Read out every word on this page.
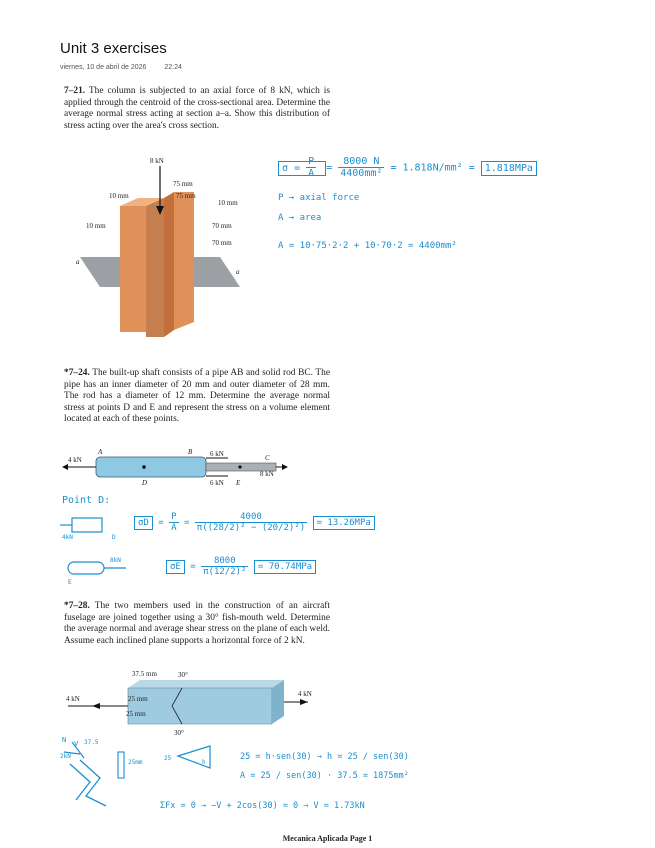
Unit 3 exercises
viernes, 10 de abril de 2026	22:24
7–21. The column is subjected to an axial force of 8 kN, which is applied through the centroid of the cross-sectional area. Determine the average normal stress acting at section a–a. Show this distribution of stress acting over the area's cross section.
8 kN
75 mm
75 mm
10 mm
10 mm
10 mm	70 mm
70 mm
a
a
$\sigma = \frac{P}{A} = \frac{8000 N}{\text{4400mm²}} = 1.818N/mm^2 = 1.818MPa$
P → axial force
A → area
A = 10·75·2·2 + 10·70·2 = 4400mm²
*7–24. The built-up shaft consists of a pipe AB and solid rod BC. The pipe has an inner diameter of 20 mm and outer diameter of 28 mm. The rod has a diameter of 12 mm. Determine the average normal stress at points D and E and represent the stress on a volume element located at each of these points.
4 kN
A	B
C
D	E
6 kN
6 kN
8 kN
Point D:
4kN	D
$\sigma D = \frac{P}{A} = \frac{4000}{\text{π((28/2)² − (20/2)²)}} = 13.26MPa$
8kN
E
$\sigma E = \frac{8000}{\text{π(12/2)²}} = 70.74MPa$
*7–28. The two members used in the construction of an aircraft fuselage are joined together using a 30° fish-mouth weld. Determine the average normal and average shear stress on the plane of each weld. Assume each inclined plane supports a horizontal force of 2 kN.
37.5 mm	30°
30°
25 mm
25 mm
4 kN
4 kN
N V
2kN
37.5
25mm
25
h
25 = h·sen(30) → h = 25 / sen(30)
A = 25 / sen(30) · 37.5 = 1875mm²
ΣFx = 0 → −V + 2cos(30) = 0 → V = 1.73kN
Mecanica Aplicada Page 1
